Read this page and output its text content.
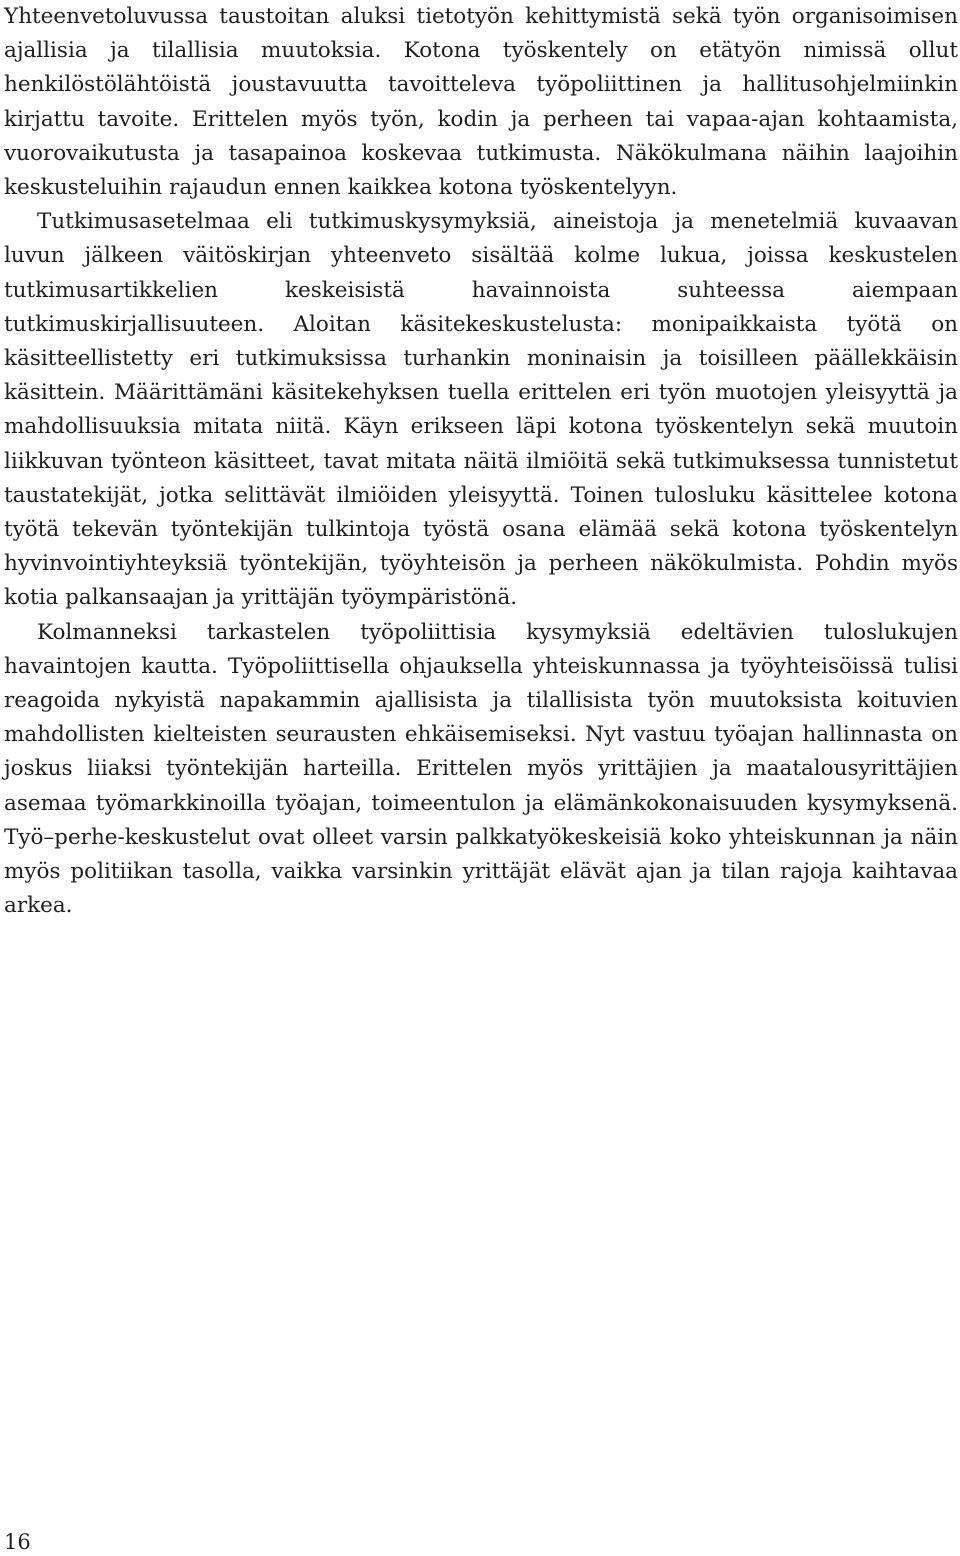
Yhteenvetoluvussa taustoitan aluksi tietotyön kehittymistä sekä työn organisoimisen ajallisia ja tilallisia muutoksia. Kotona työskentely on etätyön nimissä ollut henkilöstölähtöistä joustavuutta tavoitteleva työpoliittinen ja hallitusohjelmiinkin kirjattu tavoite. Erittelen myös työn, kodin ja perheen tai vapaa-ajan kohtaamista, vuorovaikutusta ja tasapainoa koskevaa tutkimusta. Näkökulmana näihin laajoihin keskusteluihin rajaudun ennen kaikkea kotona työskentelyyn.

Tutkimusasetelmaa eli tutkimuskysymyksiä, aineistoja ja menetelmiä kuvaavan luvun jälkeen väitöskirjan yhteenveto sisältää kolme lukua, joissa keskustelen tutkimusartikkelien keskeisistä havainnoista suhteessa aiempaan tutkimuskirjallisuuteen. Aloitan käsitekeskustelusta: monipaikkaista työtä on käsitteellistetty eri tutkimuksissa turhankin moninaisin ja toisilleen päällekkäisin käsittein. Määrittämäni käsitekehyksen tuella erittelen eri työn muotojen yleisyyttä ja mahdollisuuksia mitata niitä. Käyn erikseen läpi kotona työskentelyn sekä muutoin liikkuvan työnteon käsitteet, tavat mitata näitä ilmiöitä sekä tutkimuksessa tunnistetut taustatekijät, jotka selittävät ilmiöiden yleisyyttä. Toinen tulosluku käsittelee kotona työtä tekevän työntekijän tulkintoja työstä osana elämää sekä kotona työskentelyn hyvinvointiyhteyksiä työntekijän, työyhteisön ja perheen näkökulmista. Pohdin myös kotia palkansaajan ja yrittäjän työympäristönä.

Kolmanneksi tarkastelen työpoliittisia kysymyksiä edeltävien tuloslukujen havaintojen kautta. Työpoliittisella ohjauksella yhteiskunnassa ja työyhteisöissä tulisi reagoida nykyistä napakammin ajallisista ja tilallisista työn muutoksista koituvien mahdollisten kielteisten seurausten ehkäisemiseksi. Nyt vastuu työajan hallinnasta on joskus liiaksi työntekijän harteilla. Erittelen myös yrittäjien ja maatalousyrittäjien asemaa työmarkkinoilla työajan, toimeentulon ja elämänkokonaisuuden kysymyksenä. Työ–perhe-keskustelut ovat olleet varsin palkkatyökeskeisiä koko yhteiskunnan ja näin myös politiikan tasolla, vaikka varsinkin yrittäjät elävät ajan ja tilan rajoja kaihtavaa arkea.

16
